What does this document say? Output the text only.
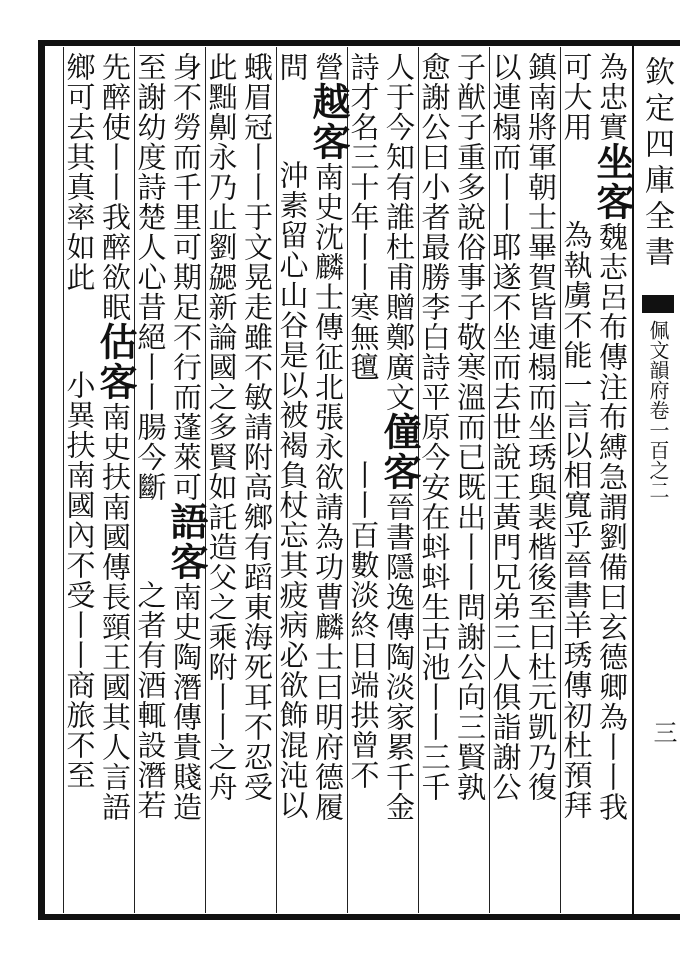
欽定四庫全書
佩文韻府卷一百之二
三
為忠實坐客魏志呂布傳注布縛急謂劉備曰玄德卿為丨丨我
可大用為執虜不能一言以相寬乎晉書羊琇傳初杜預拜
鎮南將軍朝士畢賀皆連榻而坐琇與裴楷後至曰杜元凱乃復
以連榻而丨丨耶遂不坐而去世說王黃門兄弟三人俱詣謝公
子猷子重多說俗事子敬寒溫而已既出丨丨問謝公向三賢孰
愈謝公曰小者最勝李白詩平原今安在蚪蚪生古池丨丨三千
人于今知有誰杜甫贈鄭廣文僮客晉書隱逸傳陶淡家累千金
詩才名三十年丨丨寒無氊丨丨百數淡終日端拱曾不
營越客南史沈麟士傳征北張永欲請為功曹麟士曰明府德履
問沖素留心山谷是以被褐負杖忘其疲病必欲飾混沌以
蛾眉冠丨丨于文晃走雖不敏請附高鄉有蹈東海死耳不忍受
此黜劓永乃止劉勰新論國之多賢如託造父之乘附丨丨之舟
身不勞而千里可期足不行而蓬萊可語客南史陶潛傳貴賤造
至謝幼度詩楚人心昔絕丨丨腸今斷之者有酒輒設潛若
先醉使丨丨我醉欲眠估客南史扶南國傳長頸王國其人言語
鄉可去其真率如此小異扶南國內不受丨丨商旅不至
